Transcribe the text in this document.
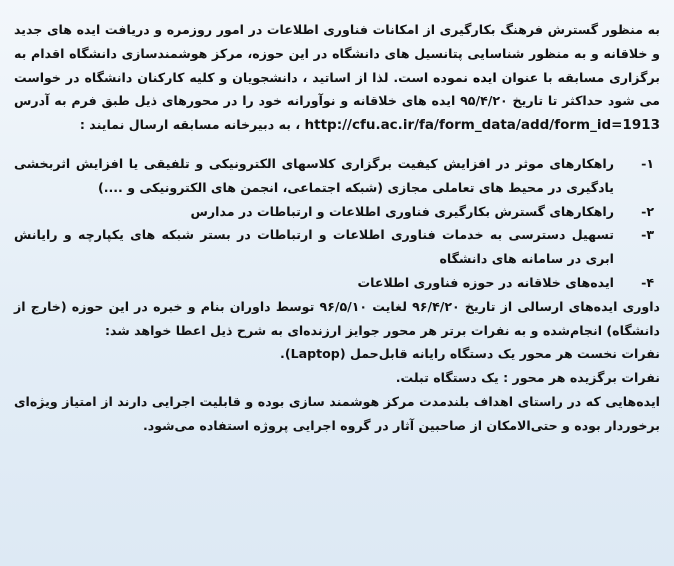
به منظور گسترش فرهنگ بکارگیری از امکانات فناوری اطلاعات در امور روزمره و دریافت ایده های جدید و خلاقانه و به منظور شناسایی پتانسیل های دانشگاه در این حوزه، مرکز هوشمندسازی دانشگاه اقدام به برگزاری مسابقه با عنوان ایده نموده است. لذا از اساتید ، دانشجویان و کلیه کارکنان دانشگاه در خواست می شود حداکثر تا تاریخ ۹۵/۴/۲۰ ایده های خلاقانه و نوآورانه خود را در محورهای ذیل طبق فرم به آدرس http://cfu.ac.ir/fa/form_data/add/form_id=1913 ، به دبیرخانه مسابقه ارسال نمایند :

۱-
راهکارهای موثر در افزایش کیفیت برگزاری کلاسهای الکترونیکی و تلفیقی یا افزایش اثربخشی یادگیری در محیط های تعاملی مجازی (شبکه اجتماعی، انجمن های الکترونیکی و ....)
۲-
راهکارهای گسترش بکارگیری فناوری اطلاعات و ارتباطات در مدارس
۳-
تسهیل دسترسی به خدمات فناوری اطلاعات و ارتباطات در بستر شبکه های یکپارچه و رایانش ابری در سامانه های دانشگاه
۴-
ایده‌های خلاقانه در حوزه فناوری اطلاعات

داوری ایده‌های ارسالی از تاریخ ۹۶/۴/۲۰ لغایت ۹۶/۵/۱۰ توسط داوران بنام و خبره در این حوزه (خارج از دانشگاه) انجام‌شده و به نفرات برتر هر محور جوایز ارزنده‌ای به شرح ذیل اعطا خواهد شد:

نفرات نخست هر محور یک دستگاه رایانه قابل‌حمل (Laptop).

نفرات برگزیده هر محور : یک دستگاه تبلت.

ایده‌هایی که در راستای اهداف بلندمدت مرکز هوشمند سازی بوده و قابلیت اجرایی دارند از امتیاز ویژه‌ای برخوردار بوده و حتی‌الامکان از صاحبین آثار در گروه اجرایی پروژه استفاده می‌شود.
